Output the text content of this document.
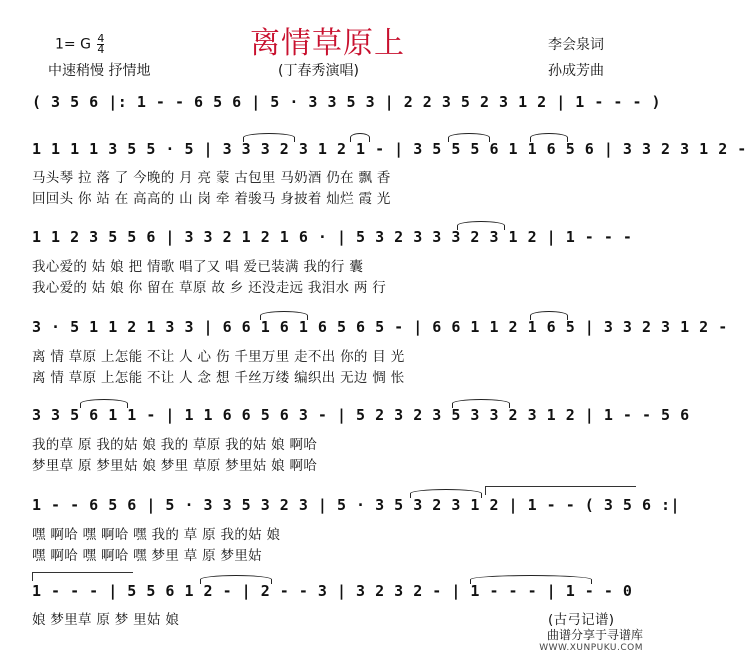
离情草原上
1= G $\frac{4}{4}$
中速稍慢 抒情地	(丁春秀演唱)
李会泉词
孙成芳曲
( 3 5 6 |: 1 - - 6 5 6 | 5 · 3 3 5 3 | 2 2 3 5 2 3 1 2 | 1 - - - )
1 1 1 1 3 5 5 · 5 | 3 3 3 2 3 1 2 1 - | 3 5 5 5 6 1 1 6 5 6 | 3 3 2 3 1 2 -
马头琴 拉 落 了 今晚的 月 亮 蒙 古包里 马奶酒 仍在 飘 香
回回头 你 站 在 高高的 山 岗 牵 着骏马 身披着 灿烂 霞 光
1 1 2 3 5 5 6 | 3 3 2 1 2 1 6 · | 5 3 2 3 3 3 2 3 1 2 | 1 - - -
我心爱的 姑 娘 把 情歌 唱了又 唱 爱已装满 我的行 囊
我心爱的 姑 娘 你 留在 草原 故 乡 还没走远 我泪水 两 行
3 · 5 1 1 2 1 3 3 | 6 6 1 6 1 6 5 6 5 - | 6 6 1 1 2 1 6 5 | 3 3 2 3 1 2 -
离 情 草原 上怎能 不让 人 心 伤 千里万里 走不出 你的 目 光
离 情 草原 上怎能 不让 人 念 想 千丝万缕 编织出 无边 惆 怅
3 3 5 6 1 1 - | 1 1 6 6 5 6 3 - | 5 2 3 2 3 5 3 3 2 3 1 2 | 1 - - 5 6
我的草 原 我的姑 娘 我的 草原 我的姑 娘 啊哈
梦里草 原 梦里姑 娘 梦里 草原 梦里姑 娘 啊哈
1 - - 6 5 6 | 5 · 3 3 5 3 2 3 | 5 · 3 5 3 2 3 1 2 | 1 - - ( 3 5 6 :|
嘿 啊哈 嘿 啊哈 嘿 我的 草 原 我的姑 娘
嘿 啊哈 嘿 啊哈 嘿 梦里 草 原 梦里姑
1 - - - | 5 5 6 1 2 - | 2 - - 3 | 3 2 3 2 - | 1 - - - | 1 - - 0
娘 梦里草 原 梦 里姑 娘	(古弓记谱)
曲谱分享于寻谱库
WWW.XUNPUKU.COM
